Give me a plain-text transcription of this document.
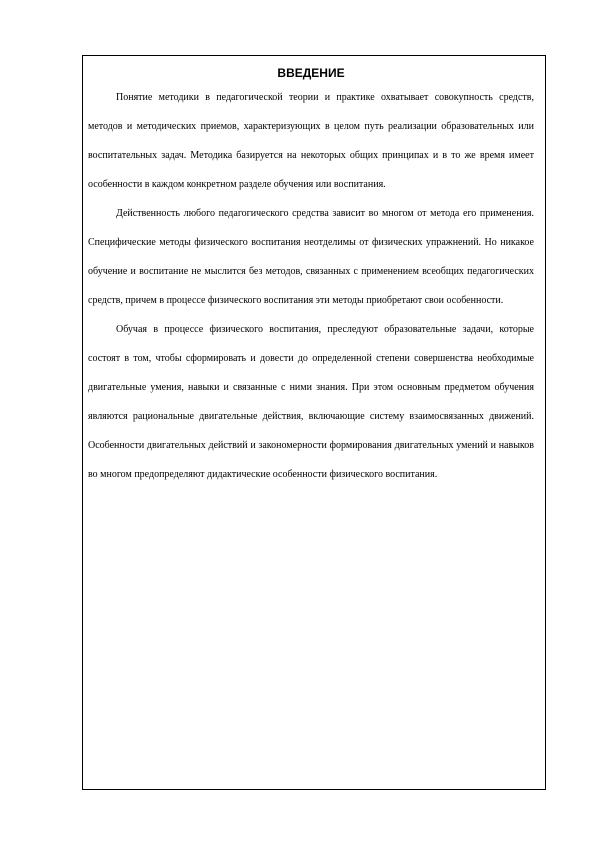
ВВЕДЕНИЕ

Понятие методики в педагогической теории и практике охватывает совокупность средств, методов и методических приемов, характеризующих в целом путь реализации образовательных или воспитательных задач. Методика базируется на некоторых общих принципах и в то же время имеет особенности в каждом конкретном разделе обучения или воспитания.

Действенность любого педагогического средства зависит во многом от метода его применения. Специфические методы физического воспитания неотделимы от физических упражнений. Но никакое обучение и воспитание не мыслится без методов, связанных с применением всеобщих педагогических средств, причем в процессе физического воспитания эти методы приобретают свои особенности.

Обучая в процессе физического воспитания, преследуют образовательные задачи, которые состоят в том, чтобы сформировать и довести до определенной степени совершенства необходимые двигательные умения, навыки и связанные с ними знания. При этом основным предметом обучения являются рациональные двигательные действия, включающие систему взаимосвязанных движений. Особенности двигательных действий и закономерности формирования двигательных умений и навыков во многом предопределяют дидактические особенности физического воспитания.
